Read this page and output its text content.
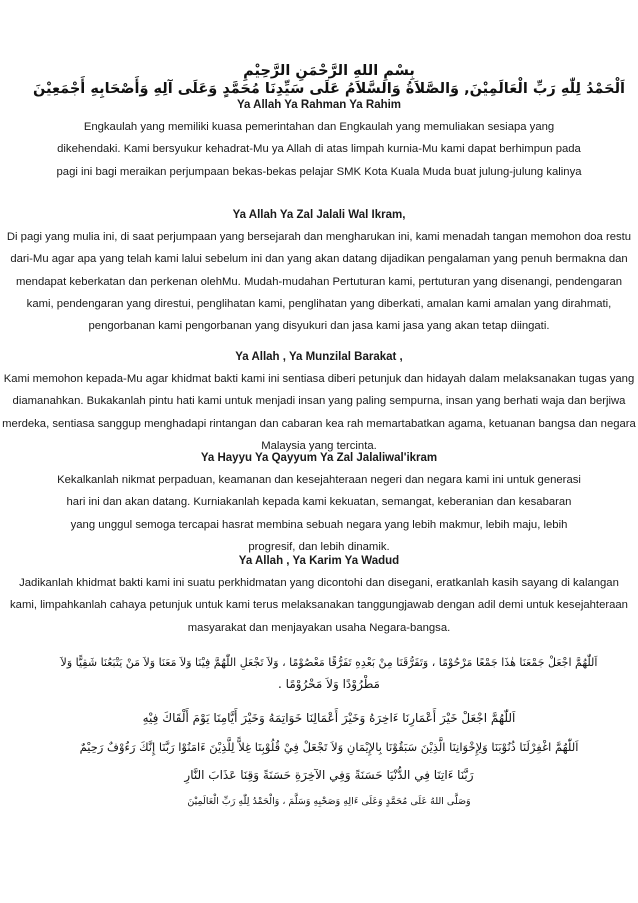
بِسْمِ اللهِ الرَّحْمَنِ الرَّحِيْمِ

اَلْحَمْدُ لِلّٰهِ رَبِّ الْعَالَمِيْنَ, وَالصَّلاَةُ وَالسَّلاَمُ عَلَى سَيِّدِنَا مُحَمَّدٍ وَعَلَى آلِهِ وَأَصْحَابِهِ أَجْمَعِيْنَ

Ya Allah Ya Rahman Ya Rahim

Engkaulah yang memiliki kuasa pemerintahan dan Engkaulah yang memuliakan sesiapa yang dikehendaki. Kami bersyukur kehadrat-Mu ya Allah di atas limpah kurnia-Mu kami dapat berhimpun pada pagi ini bagi meraikan perjumpaan bekas-bekas pelajar SMK Kota Kuala Muda buat julung-julung kalinya

Ya Allah Ya Zal Jalali Wal Ikram,

Di pagi yang mulia ini, di saat perjumpaan yang bersejarah dan mengharukan ini, kami menadah tangan memohon doa restu dari-Mu agar apa yang telah kami lalui sebelum ini dan yang akan datang dijadikan pengalaman yang penuh bermakna dan mendapat keberkatan dan perkenan olehMu. Mudah-mudahan Pertuturan kami, pertuturan yang disenangi, pendengaran kami, pendengaran yang direstui, penglihatan kami, penglihatan yang diberkati, amalan kami amalan yang dirahmati, pengorbanan kami pengorbanan yang disyukuri dan jasa kami jasa yang akan tetap diingati.

Ya Allah , Ya Munzilal Barakat ,

Kami memohon kepada-Mu agar khidmat bakti kami ini sentiasa diberi petunjuk dan hidayah dalam melaksanakan tugas yang diamanahkan. Bukakanlah pintu hati kami untuk menjadi insan yang paling sempurna, insan yang berhati waja dan berjiwa merdeka, sentiasa sanggup menghadapi rintangan dan cabaran kea rah memartabatkan agama, ketuanan bangsa dan negara Malaysia yang tercinta.

Ya Hayyu Ya Qayyum Ya Zal Jalaliwal'ikram

Kekalkanlah nikmat perpaduan, keamanan dan kesejahteraan negeri dan negara kami ini untuk generasi hari ini dan akan datang. Kurniakanlah kepada kami kekuatan, semangat, keberanian dan kesabaran yang unggul semoga tercapai hasrat membina sebuah negara yang lebih makmur, lebih maju, lebih progresif, dan lebih dinamik.

Ya Allah , Ya Karim Ya Wadud

Jadikanlah khidmat bakti kami ini suatu perkhidmatan yang dicontohi dan disegani, eratkanlah kasih sayang di kalangan kami, limpahkanlah cahaya petunjuk untuk kami terus melaksanakan tanggungjawab dengan adil demi untuk kesejahteraan masyarakat dan menjayakan usaha Negara-bangsa.

اَللّٰهُمَّ اجْعَلْ جَمْعَنَا هٰذَا جَمْعًا مَرْحُوْمًا ، وَتَفَرُّقَنَا مِنْ بَعْدِهِ تَفَرُّقًا مَعْصُوْمًا ، وَلاَ تَجْعَلِ اللّٰهُمَّ فِيْنَا وَلاَ مَعَنَا وَلاَ مَنْ يَتْبَعُنَا شَقِيًّا وَلاَ

مَطْرُوْدًا وَلاَ مَحْرُوْمًا .

اَللّٰهُمَّ اجْعَلْ خَيْرَ أَعْمَارِنَا ءَاخِرَهُ وَخَيْرَ أَعْمَالِنَا خَوَاتِمَهُ وَخَيْرَ أَيَّامِنَا يَوْمَ أَلْقَاكَ فِيْهِ

اَللّٰهُمَّ اغْفِرْلَنَا ذُنُوْبَنَا وَلِإِخْوَانِنَا الَّذِيْنَ سَبَقُوْنَا بِالإِيْمَانِ وَلاَ تَجْعَلْ فِيْ قُلُوْبِنَا غِلاًّ لِلَّذِيْنَ ءَامَنُوْا رَبَّنَا إِنَّكَ رَءُوْفٌ رَحِيْمٌ

رَبَّنَا ءَاتِنَا فِي الدُّنْيَا حَسَنَةً وَفِي الآخِرَةِ حَسَنَةً وَقِنَا عَذَابَ النَّارِ

وَصَلَّى اللهُ عَلَى مُحَمَّدٍ وَعَلَى ءَالِهِ وَصَحْبِهِ وَسَلَّمَ ، وَالْحَمْدُ لِلّٰهِ رَبِّ الْعَالَمِيْنَ
